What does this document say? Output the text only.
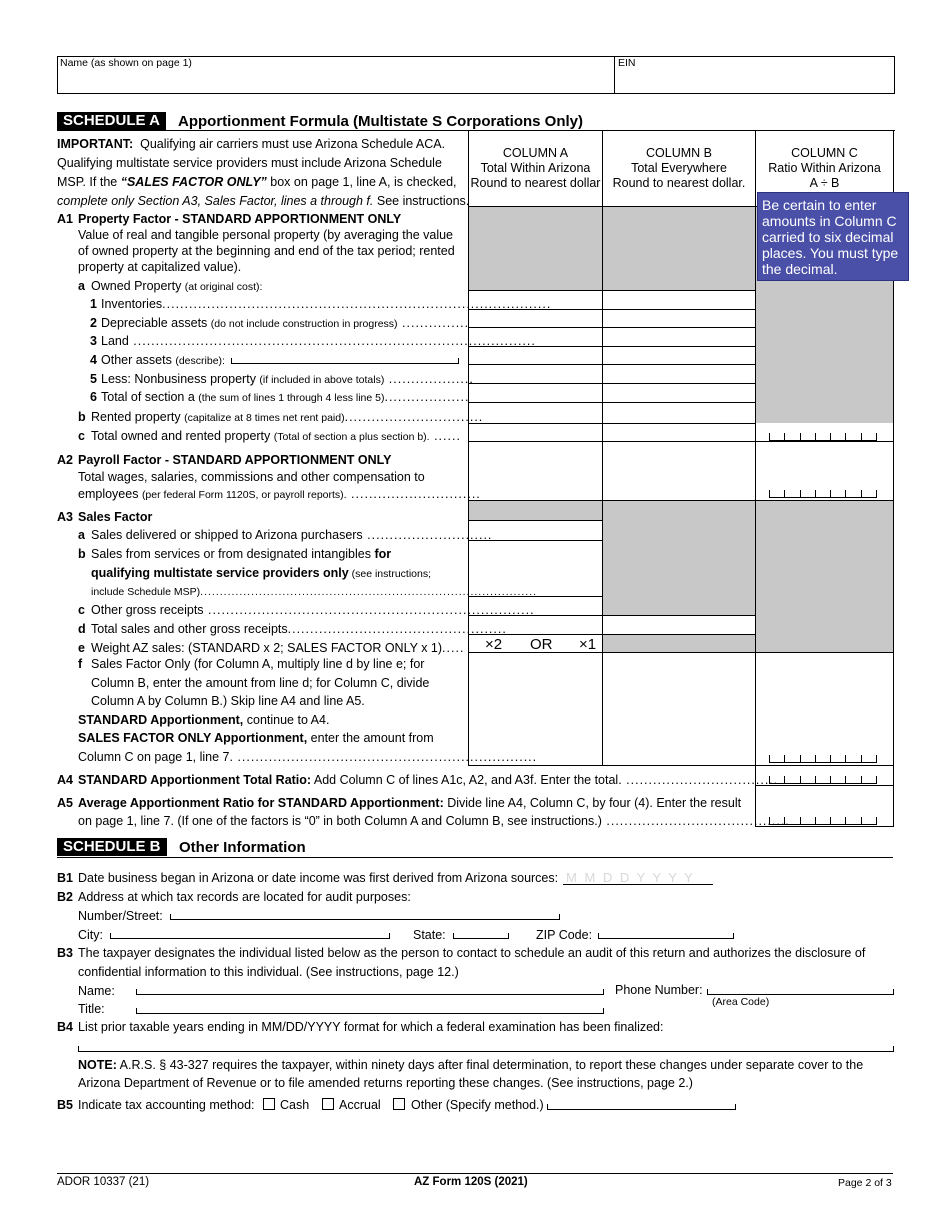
Name (as shown on page 1)	EIN
SCHEDULE A	Apportionment Formula (Multistate S Corporations Only)
COLUMN A
Total Within Arizona
Round to nearest dollar
COLUMN B
Total Everywhere
Round to nearest dollar.
COLUMN C
Ratio Within Arizona
A ÷ B
Be certain to enter amounts in Column C carried to six decimal places. You must type the decimal.
IMPORTANT: Qualifying air carriers must use Arizona Schedule ACA.
Qualifying multistate service providers must include Arizona Schedule
MSP. If the “SALES FACTOR ONLY” box on page 1, line A, is checked,
complete only Section A3, Sales Factor, lines a through f. See instructions.
A1 Property Factor - STANDARD APPORTIONMENT ONLY
Value of real and tangible personal property (by averaging the value
of owned property at the beginning and end of the tax period; rented
property at capitalized value).
a Owned Property (at original cost):
1 Inventories.......................................................................................
2 Depreciable assets (do not include construction in progress) ...............
3 Land ..........................................................................................
4 Other assets (describe):
5 Less: Nonbusiness property (if included in above totals) ...................
6 Total of section a (the sum of lines 1 through 4 less line 5)...................
b Rented property (capitalize at 8 times net rent paid)...............................
c Total owned and rented property (Total of section a plus section b). ......
A2 Payroll Factor - STANDARD APPORTIONMENT ONLY
Total wages, salaries, commissions and other compensation to
employees (per federal Form 1120S, or payroll reports). .............................
A3 Sales Factor
a Sales delivered or shipped to Arizona purchasers ............................
b Sales from services or from designated intangibles for
qualifying multistate service providers only (see instructions;
include Schedule MSP)......................................................................................
c Other gross receipts .........................................................................
d Total sales and other gross receipts.................................................
e Weight AZ sales: (STANDARD x 2; SALES FACTOR ONLY x 1)..... ×2 OR ×1
f Sales Factor Only (for Column A, multiply line d by line e; for
Column B, enter the amount from line d; for Column C, divide
Column A by Column B.) Skip line A4 and line A5.
STANDARD Apportionment, continue to A4.
SALES FACTOR ONLY Apportionment, enter the amount from
Column C on page 1, line 7. ...................................................................
A4 STANDARD Apportionment Total Ratio: Add Column C of lines A1c, A2, and A3f. Enter the total. ..................................
A5 Average Apportionment Ratio for STANDARD Apportionment: Divide line A4, Column C, by four (4). Enter the result
on page 1, line 7. (If one of the factors is “0” in both Column A and Column B, see instructions.) .........................................
SCHEDULE B	Other Information
B1 Date business began in Arizona or date income was first derived from Arizona sources: M M D D Y Y Y Y
B2 Address at which tax records are located for audit purposes:
Number/Street:
City:	State:	ZIP Code:
B3 The taxpayer designates the individual listed below as the person to contact to schedule an audit of this return and authorizes the disclosure of
confidential information to this individual. (See instructions, page 12.)
Name:	Phone Number:
(Area Code)
Title:
B4 List prior taxable years ending in MM/DD/YYYY format for which a federal examination has been finalized:
NOTE: A.R.S. § 43-327 requires the taxpayer, within ninety days after final determination, to report these changes under separate cover to the
Arizona Department of Revenue or to file amended returns reporting these changes. (See instructions, page 2.)
B5 Indicate tax accounting method: Cash Accrual Other (Specify method.)
ADOR 10337 (21)	AZ Form 120S (2021)	Page 2 of 3
